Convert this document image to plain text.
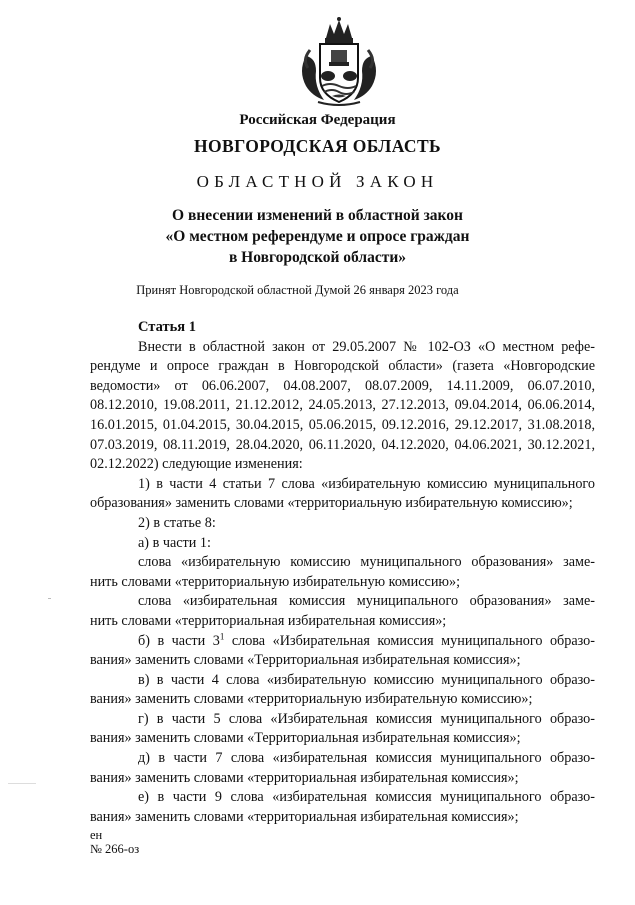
Российская Федерация
НОВГОРОДСКАЯ ОБЛАСТЬ
ОБЛАСТНОЙ ЗАКОН
О внесении изменений в областной закон
«О местном референдуме и опросе граждан
в Новгородской области»
Принят Новгородской областной Думой 26 января 2023 года
Статья 1

Внести в областной закон от 29.05.2007 № 102-ОЗ «О местном рефе-

рендуме и опросе граждан в Новгородской области» (газета «Новгородские

ведомости» от 06.06.2007, 04.08.2007, 08.07.2009, 14.11.2009, 06.07.2010,

08.12.2010, 19.08.2011, 21.12.2012, 24.05.2013, 27.12.2013, 09.04.2014, 06.06.2014,

16.01.2015, 01.04.2015, 30.04.2015, 05.06.2015, 09.12.2016, 29.12.2017, 31.08.2018,

07.03.2019, 08.11.2019, 28.04.2020, 06.11.2020, 04.12.2020, 04.06.2021, 30.12.2021,

02.12.2022) следующие изменения:

1) в части 4 статьи 7 слова «избирательную комиссию муниципального

образования» заменить словами «территориальную избирательную комиссию»;

2) в статье 8:

а) в части 1:

слова «избирательную комиссию муниципального образования» заме-

нить словами «территориальную избирательную комиссию»;

слова «избирательная комиссия муниципального образования» заме-

нить словами «территориальная избирательная комиссия»;

б) в части $3^1$ слова «Избирательная комиссия муниципального образо-

вания» заменить словами «Территориальная избирательная комиссия»;

в) в части 4 слова «избирательную комиссию муниципального образо-

вания» заменить словами «территориальную избирательную комиссию»;

г) в части 5 слова «Избирательная комиссия муниципального образо-

вания» заменить словами «Территориальная избирательная комиссия»;

д) в части 7 слова «избирательная комиссия муниципального образо-

вания» заменить словами «территориальная избирательная комиссия»;

е) в части 9 слова «избирательная комиссия муниципального образо-

вания» заменить словами «территориальная избирательная комиссия»;

ен
№ 266-оз
